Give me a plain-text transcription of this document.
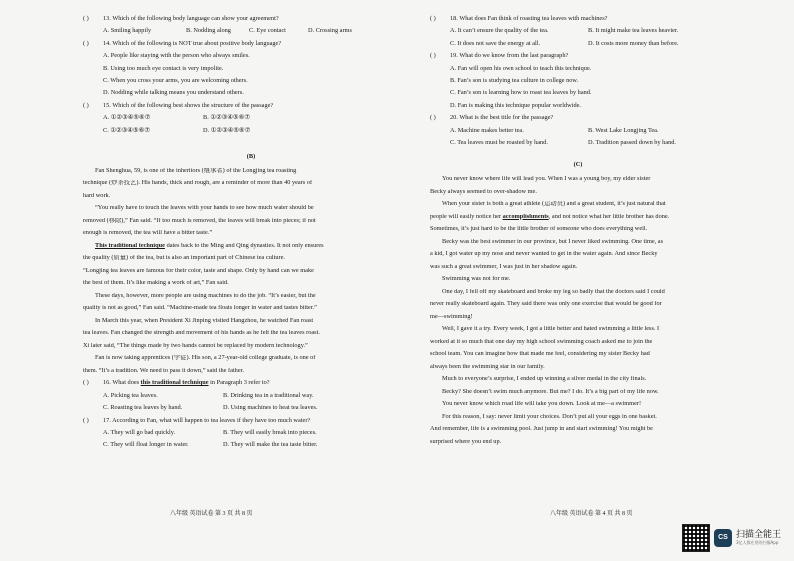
( ) 13. Which of the following body language can show your agreement?
A. Smiling happily	B. Nodding along	C. Eye contact	D. Crossing arms
( ) 14. Which of the following is NOT true about positive body language?
A. People like staying with the person who always smiles.
B. Using too much eye contact is very impolite.
C. When you cross your arms, you are welcoming others.
D. Nodding while talking means you understand others.
( ) 15. Which of the following best shows the structure of the passage?
A. ①②③④⑤⑥⑦	B. ①②③④⑤⑥⑦
C. ①②③④⑤⑥⑦	D. ①②③④⑤⑥⑦
(B)

Fan Shenghua, 59, is one of the inheritors (继承者) of the Longjing tea roasting

technique (炒茶技艺). His hands, thick and rough, are a reminder of more than 40 years of

hard work.

“You really have to touch the leaves with your hands to see how much water should be

removed (移除),” Fan said. “If too much is removed, the leaves will break into pieces; if not

enough is removed, the tea will have a bitter taste.”

This traditional technique dates back to the Ming and Qing dynasties. It not only ensures

the quality (质量) of the tea, but is also an important part of Chinese tea culture.

“Longjing tea leaves are famous for their color, taste and shape. Only by hand can we make

the best of them. It’s like making a work of art,” Fan said.

These days, however, more people are using machines to do the job. “It’s easier, but the

quality is not as good,” Fan said. “Machine-made tea floats longer in water and tastes bitter.”

In March this year, when President Xi Jinping visited Hangzhou, he watched Fan roast

tea leaves. Fan changed the strength and movement of his hands as he felt the tea leaves roast.

Xi later said, “The things made by two hands cannot be replaced by modern technology.”

Fan is now taking apprentices (学徒). His son, a 27-year-old college graduate, is one of

them. “It’s a tradition. We need to pass it down,” said the father.

( ) 16. What does this traditional technique in Paragraph 3 refer to?
A. Picking tea leaves.	B. Drinking tea in a traditional way.
C. Roasting tea leaves by hand.	D. Using machines to heat tea leaves.
( ) 17. According to Fan, what will happen to tea leaves if they have too much water?
A. They will go bad quickly.	B. They will easily break into pieces.
C. They will float longer in water.	D. They will make the tea taste bitter.
八年级 英语试卷 第 3 页 共 8 页
( ) 18. What does Fan think of roasting tea leaves with machines?
A. It can’t ensure the quality of the tea.	B. It might make tea leaves heavier.
C. It does not save the energy at all.	D. It costs more money than before.
( ) 19. What do we know from the last paragraph?
A. Fan will open his own school to teach this technique.
B. Fan’s son is studying tea culture in college now.
C. Fan’s son is learning how to roast tea leaves by hand.
D. Fan is making this technique popular worldwide.
( ) 20. What is the best title for the passage?
A. Machine makes better tea.	B. West Lake Longjing Tea.
C. Tea leaves must be roasted by hand.	D. Tradition passed down by hand.
(C)

You never know where life will lead you. When I was a young boy, my elder sister

Becky always seemed to over-shadow me.

When your sister is both a great athlete (运动员) and a great student, it’s just natural that

people will easily notice her accomplishments, and not notice what her little brother has done.

Sometimes, it’s just hard to be the little brother of someone who does everything well.

Becky was the best swimmer in our province, but I never liked swimming. One time, as

a kid, I got water up my nose and never wanted to get in the water again. And since Becky

was such a great swimmer, I was just in her shadow again.

Swimming was not for me.

One day, I fell off my skateboard and broke my leg so badly that the doctors said I could

never really skateboard again. They said there was only one exercise that would be good for

me—swimming!

Well, I gave it a try. Every week, I got a little better and hated swimming a little less. I

worked at it so much that one day my high school swimming coach asked me to join the

school team. You can imagine how that made me feel, considering my sister Becky had

always been the swimming star in our family.

Much to everyone’s surprise, I ended up winning a silver medal in the city finals.

Becky? She doesn’t swim much anymore. But me? I do. It’s a big part of my life now.

You never know which road life will take you down. Look at me—a swimmer!

For this reason, I say: never limit your choices. Don’t put all your eggs in one basket.

And remember, life is a swimming pool. Just jump in and start swimming! You might be

surprised where you end up.

八年级 英语试卷 第 4 页 共 8 页
CS 扫描全能王
3亿人都在用的扫描App
